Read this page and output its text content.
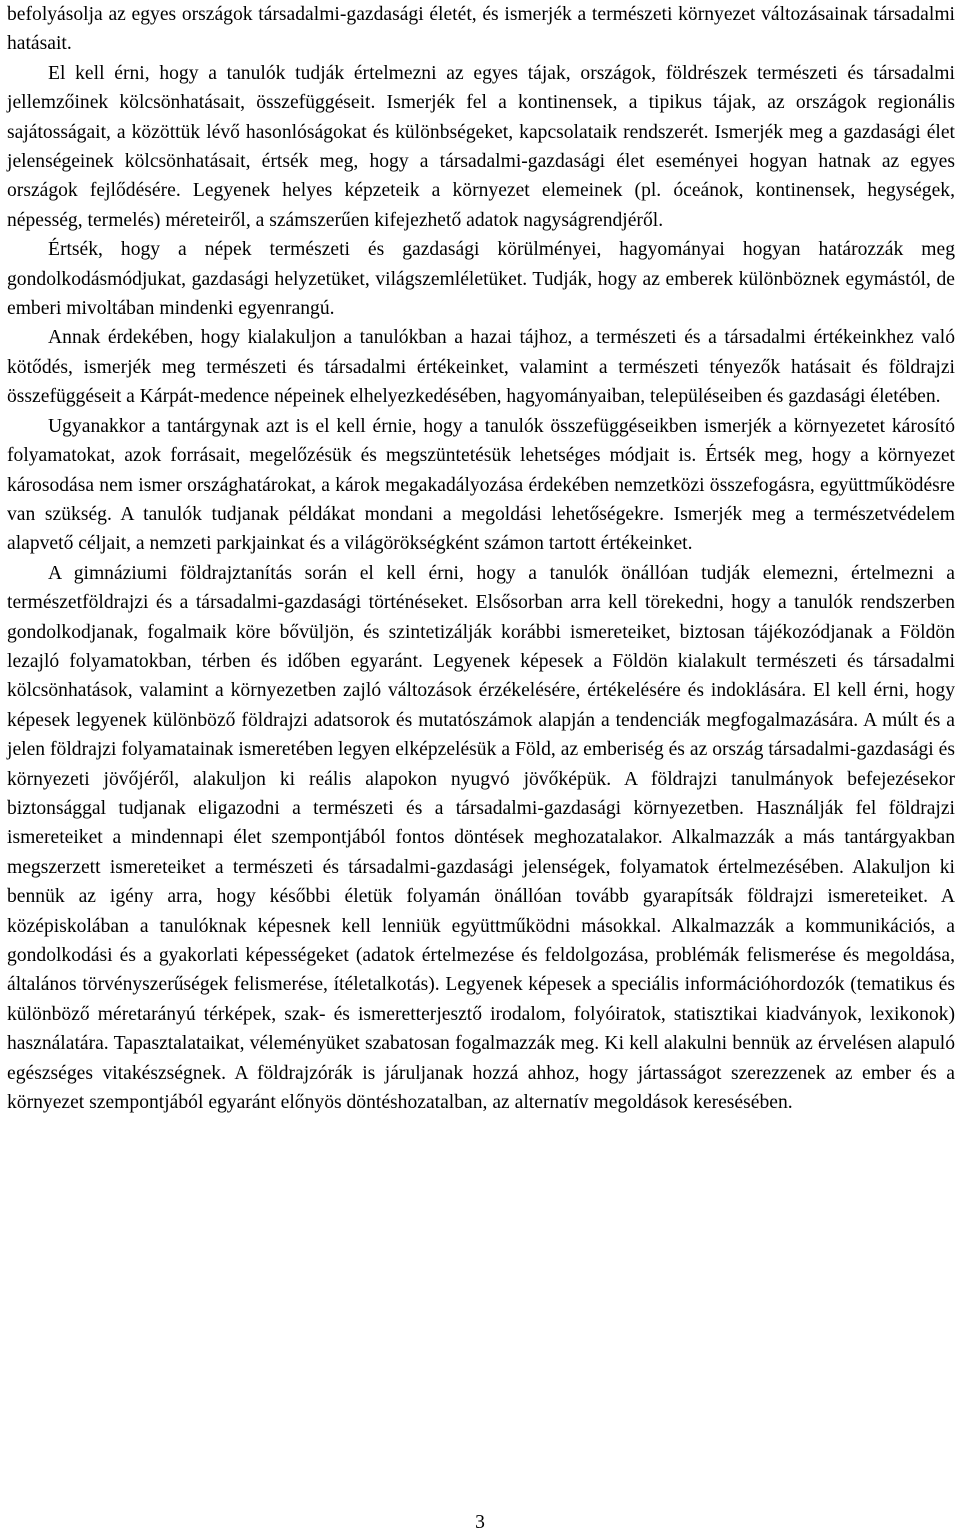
befolyásolja az egyes országok társadalmi-gazdasági életét, és ismerjék a természeti környezet változásainak társadalmi hatásait.

El kell érni, hogy a tanulók tudják értelmezni az egyes tájak, országok, földrészek természeti és társadalmi jellemzőinek kölcsönhatásait, összefüggéseit. Ismerjék fel a kontinensek, a tipikus tájak, az országok regionális sajátosságait, a közöttük lévő hasonlóságokat és különbségeket, kapcsolataik rendszerét. Ismerjék meg a gazdasági élet jelenségeinek kölcsönhatásait, értsék meg, hogy a társadalmi-gazdasági élet eseményei hogyan hatnak az egyes országok fejlődésére. Legyenek helyes képzeteik a környezet elemeinek (pl. óceánok, kontinensek, hegységek, népesség, termelés) méreteiről, a számszerűen kifejezhető adatok nagyságrendjéről.

Értsék, hogy a népek természeti és gazdasági körülményei, hagyományai hogyan határozzák meg gondolkodásmódjukat, gazdasági helyzetüket, világszemléletüket. Tudják, hogy az emberek különböznek egymástól, de emberi mivoltában mindenki egyenrangú.

Annak érdekében, hogy kialakuljon a tanulókban a hazai tájhoz, a természeti és a társadalmi értékeinkhez való kötődés, ismerjék meg természeti és társadalmi értékeinket, valamint a természeti tényezők hatásait és földrajzi összefüggéseit a Kárpát-medence népeinek elhelyezkedésében, hagyományaiban, településeiben és gazdasági életében.

Ugyanakkor a tantárgynak azt is el kell érnie, hogy a tanulók összefüggéseikben ismerjék a környezetet károsító folyamatokat, azok forrásait, megelőzésük és megszüntetésük lehetséges módjait is. Értsék meg, hogy a környezet károsodása nem ismer országhatárokat, a károk megakadályozása érdekében nemzetközi összefogásra, együttműködésre van szükség. A tanulók tudjanak példákat mondani a megoldási lehetőségekre. Ismerjék meg a természetvédelem alapvető céljait, a nemzeti parkjainkat és a világörökségként számon tartott értékeinket.

A gimnáziumi földrajztanítás során el kell érni, hogy a tanulók önállóan tudják elemezni, értelmezni a természetföldrajzi és a társadalmi-gazdasági történéseket. Elsősorban arra kell törekedni, hogy a tanulók rendszerben gondolkodjanak, fogalmaik köre bővüljön, és szintetizálják korábbi ismereteiket, biztosan tájékozódjanak a Földön lezajló folyamatokban, térben és időben egyaránt. Legyenek képesek a Földön kialakult természeti és társadalmi kölcsönhatások, valamint a környezetben zajló változások érzékelésére, értékelésére és indoklására. El kell érni, hogy képesek legyenek különböző földrajzi adatsorok és mutatószámok alapján a tendenciák megfogalmazására. A múlt és a jelen földrajzi folyamatainak ismeretében legyen elképzelésük a Föld, az emberiség és az ország társadalmi-gazdasági és környezeti jövőjéről, alakuljon ki reális alapokon nyugvó jövőképük. A földrajzi tanulmányok befejezésekor biztonsággal tudjanak eligazodni a természeti és a társadalmi-gazdasági környezetben. Használják fel földrajzi ismereteiket a mindennapi élet szempontjából fontos döntések meghozatalakor. Alkalmazzák a más tantárgyakban megszerzett ismereteiket a természeti és társadalmi-gazdasági jelenségek, folyamatok értelmezésében. Alakuljon ki bennük az igény arra, hogy későbbi életük folyamán önállóan tovább gyarapítsák földrajzi ismereteiket. A középiskolában a tanulóknak képesnek kell lenniük együttműködni másokkal. Alkalmazzák a kommunikációs, a gondolkodási és a gyakorlati képességeket (adatok értelmezése és feldolgozása, problémák felismerése és megoldása, általános törvényszerűségek felismerése, ítéletalkotás). Legyenek képesek a speciális információhordozók (tematikus és különböző méretarányú térképek, szak- és ismeretterjesztő irodalom, folyóiratok, statisztikai kiadványok, lexikonok) használatára. Tapasztalataikat, véleményüket szabatosan fogalmazzák meg. Ki kell alakulni bennük az érvelésen alapuló egészséges vitakészségnek. A földrajzórák is járuljanak hozzá ahhoz, hogy jártasságot szerezzenek az ember és a környezet szempontjából egyaránt előnyös döntéshozatalban, az alternatív megoldások keresésében.

3
